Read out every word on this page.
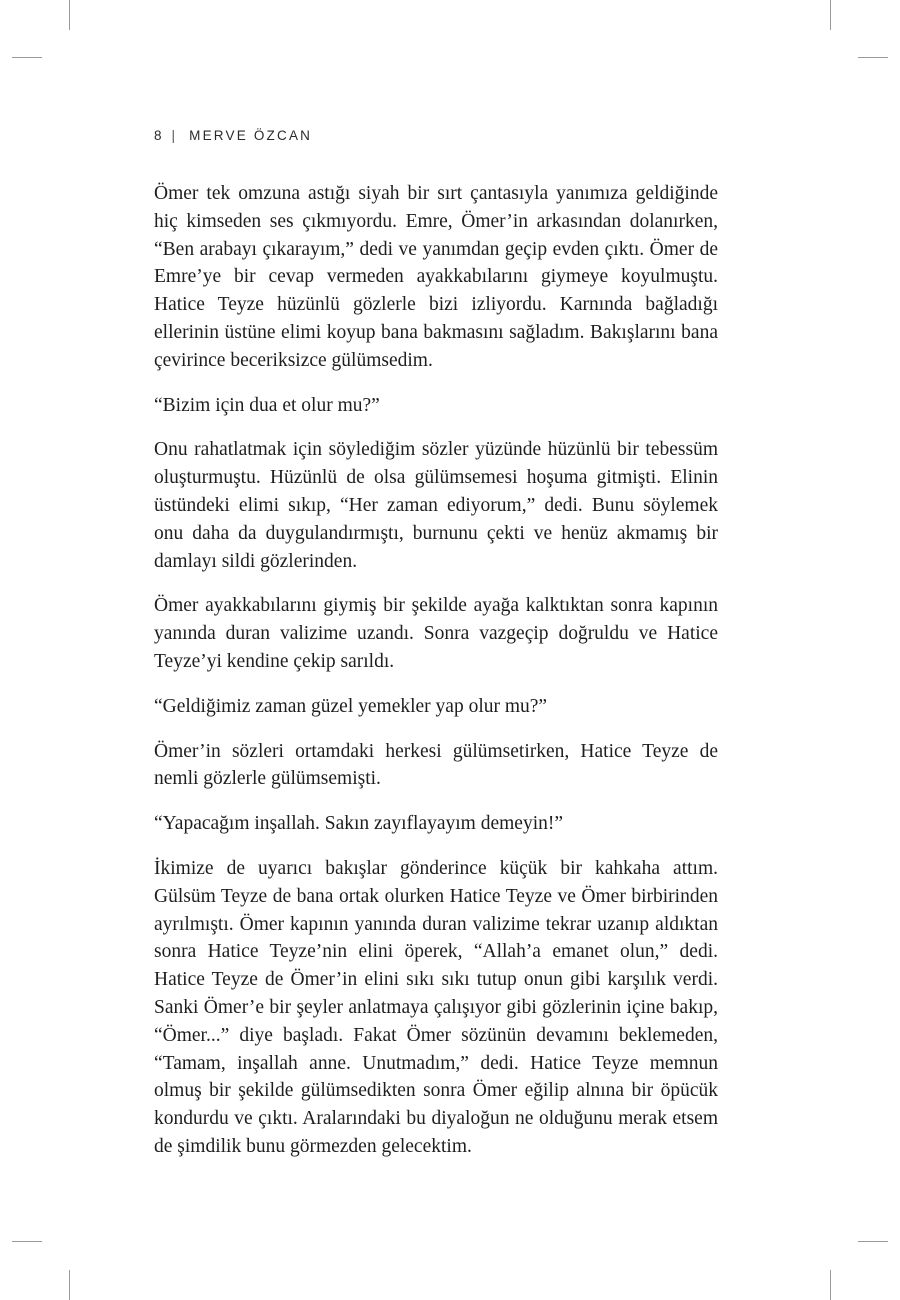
8 | MERVE ÖZCAN

Ömer tek omzuna astığı siyah bir sırt çantasıyla yanımıza geldiğinde hiç kimseden ses çıkmıyordu. Emre, Ömer’in arkasından dolanırken, “Ben arabayı çıkarayım,” dedi ve yanımdan geçip evden çıktı. Ömer de Emre’ye bir cevap vermeden ayakkabılarını giymeye koyulmuştu. Hatice Teyze hüzünlü gözlerle bizi izliyordu. Karnında bağladığı ellerinin üstüne elimi koyup bana bakmasını sağladım. Bakışlarını bana çevirince beceriksizce gülümsedim.

“Bizim için dua et olur mu?”

Onu rahatlatmak için söylediğim sözler yüzünde hüzünlü bir tebessüm oluşturmuştu. Hüzünlü de olsa gülümsemesi hoşuma gitmişti. Elinin üstündeki elimi sıkıp, “Her zaman ediyorum,” dedi. Bunu söylemek onu daha da duygulandırmıştı, burnunu çekti ve henüz akmamış bir damlayı sildi gözlerinden.

Ömer ayakkabılarını giymiş bir şekilde ayağa kalktıktan sonra kapının yanında duran valizime uzandı. Sonra vazgeçip doğruldu ve Hatice Teyze’yi kendine çekip sarıldı.

“Geldiğimiz zaman güzel yemekler yap olur mu?”

Ömer’in sözleri ortamdaki herkesi gülümsetirken, Hatice Teyze de nemli gözlerle gülümsemişti.

“Yapacağım inşallah. Sakın zayıflayayım demeyin!”

İkimize de uyarıcı bakışlar gönderince küçük bir kahkaha attım. Gülsüm Teyze de bana ortak olurken Hatice Teyze ve Ömer birbirinden ayrılmıştı. Ömer kapının yanında duran valizime tekrar uzanıp aldıktan sonra Hatice Teyze’nin elini öperek, “Allah’a emanet olun,” dedi. Hatice Teyze de Ömer’in elini sıkı sıkı tutup onun gibi karşılık verdi. Sanki Ömer’e bir şeyler anlatmaya çalışıyor gibi gözlerinin içine bakıp, “Ömer...” diye başladı. Fakat Ömer sözünün devamını beklemeden, “Tamam, inşallah anne. Unutmadım,” dedi. Hatice Teyze memnun olmuş bir şekilde gülümsedikten sonra Ömer eğilip alnına bir öpücük kondurdu ve çıktı. Aralarındaki bu diyaloğun ne olduğunu merak etsem de şimdilik bunu görmezden gelecektim.
